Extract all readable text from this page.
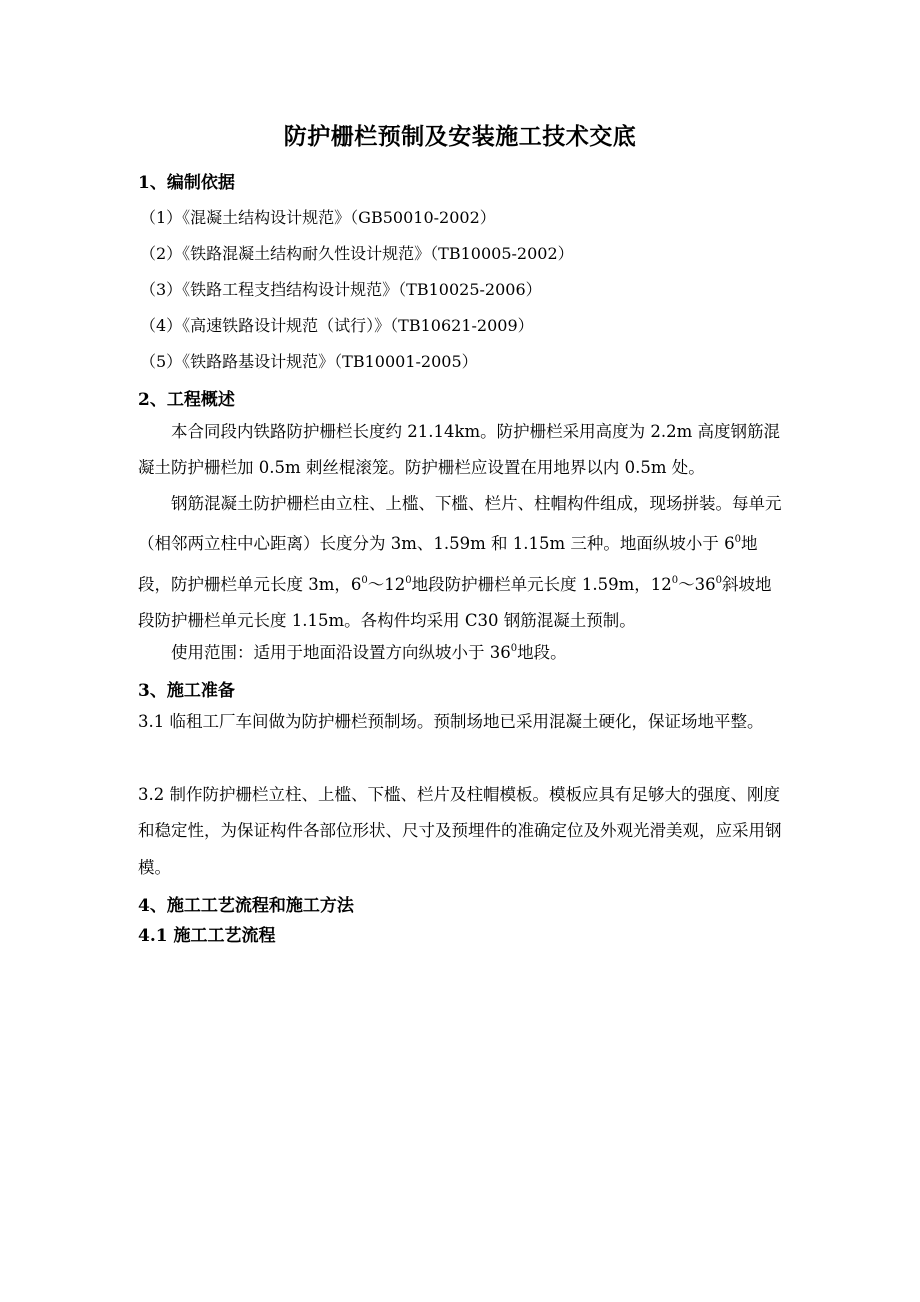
防护栅栏预制及安装施工技术交底
1、编制依据
（1）《混凝土结构设计规范》（GB50010-2002）
（2）《铁路混凝土结构耐久性设计规范》（TB10005-2002）
（3）《铁路工程支挡结构设计规范》（TB10025-2006）
（4）《高速铁路设计规范（试行）》（TB10621-2009）
（5）《铁路路基设计规范》（TB10001-2005）
2、工程概述
本合同段内铁路防护栅栏长度约 21.14km。防护栅栏采用高度为 2.2m 高度钢筋混凝土防护栅栏加 0.5m 刺丝棍滚笼。防护栅栏应设置在用地界以内 0.5m 处。
钢筋混凝土防护栅栏由立柱、上槛、下槛、栏片、柱帽构件组成，现场拼装。每单元（相邻两立柱中心距离）长度分为 3m、1.59m 和 1.15m 三种。地面纵坡小于 $6^0$地段，防护栅栏单元长度 3m，$6^0\sim 12^0$地段防护栅栏单元长度 1.59m，$12^0\sim 36^0$斜坡地段防护栅栏单元长度 1.15m。各构件均采用 C30 钢筋混凝土预制。
使用范围：适用于地面沿设置方向纵坡小于 $36^0$地段。
3、施工准备
3.1 临租工厂车间做为防护栅栏预制场。预制场地已采用混凝土硬化，保证场地平整。
3.2 制作防护栅栏立柱、上槛、下槛、栏片及柱帽模板。模板应具有足够大的强度、刚度和稳定性，为保证构件各部位形状、尺寸及预埋件的准确定位及外观光滑美观，应采用钢模。
4、施工工艺流程和施工方法
4.1 施工工艺流程
